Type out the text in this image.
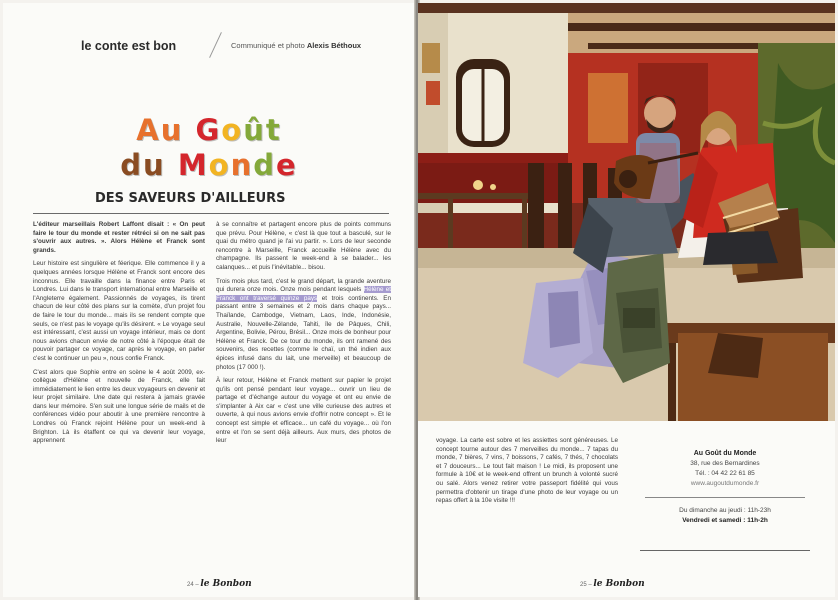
le conte est bon	Communiqué et photo Alexis Béthoux
Au Goût
du Monde
DES SAVEURS D'AILLEURS

L'éditeur marseillais Robert Laffont disait : « On peut faire le tour du monde et rester rétréci si on ne sait pas s'ouvrir aux autres. ». Alors Hélène et Franck sont grands.

Leur histoire est singulière et féerique. Elle commence il y a quelques années lorsque Hélène et Franck sont encore des inconnus. Elle travaille dans la finance entre Paris et Londres. Lui dans le transport international entre Marseille et l'Angleterre également. Passionnés de voyages, ils tirent chacun de leur côté des plans sur la comète, d'un projet fou de faire le tour du monde... mais ils se rendent compte que seuls, ce n'est pas le voyage qu'ils désirent. « Le voyage seul est intéressant, c'est aussi un voyage intérieur, mais ce dont nous avions chacun envie de notre côté à l'époque était de pouvoir partager ce voyage, car après le voyage, en parler c'est le continuer un peu », nous confie Franck.

C'est alors que Sophie entre en scène le 4 août 2009, ex-collègue d'Hélène et nouvelle de Franck, elle fait immédiatement le lien entre les deux voyageurs en devenir et leur projet similaire. Une date qui restera à jamais gravée dans leur mémoire. S'en suit une longue série de mails et de conférences vidéo pour aboutir à une première rencontre à Londres où Franck rejoint Hélène pour un week-end à Brighton. Là ils étaffent ce qui va devenir leur voyage, apprennent

à se connaître et partagent encore plus de points communs que prévu. Pour Hélène, « c'est là que tout a basculé, sur le quai du métro quand je l'ai vu partir. ». Lors de leur seconde rencontre à Marseille, Franck accueille Hélène avec du champagne. Ils passent le week-end à se balader... les calanques... et puis l'inévitable... bisou.

Trois mois plus tard, c'est le grand départ, la grande aventure qui durera onze mois. Onze mois pendant lesquels Hélène et Franck ont traversé quinze pays et trois continents. En passant entre 3 semaines et 2 mois dans chaque pays... Thaïlande, Cambodge, Vietnam, Laos, Inde, Indonésie, Australie, Nouvelle-Zélande, Tahiti, île de Pâques, Chili, Argentine, Bolivie, Pérou, Brésil... Onze mois de bonheur pour Hélène et Franck. De ce tour du monde, ils ont ramené des souvenirs, des recettes (comme le chaï, un thé indien aux épices infusé dans du lait, une merveille) et beaucoup de photos (17 000 !).

À leur retour, Hélène et Franck mettent sur papier le projet qu'ils ont pensé pendant leur voyage... ouvrir un lieu de partage et d'échange autour du voyage et ont eu envie de s'implanter à Aix car « c'est une ville curieuse des autres et ouverte, à qui nous avions envie d'offrir notre concept ». Et le concept est simple et efficace... un café du voyage... où l'on entre et l'on se sent déjà ailleurs. Aux murs, des photos de leur

24 – le Bonbon
voyage. La carte est sobre et les assiettes sont généreuses. Le concept tourne autour des 7 merveilles du monde... 7 tapas du monde, 7 bières, 7 vins, 7 boissons, 7 cafés, 7 thés, 7 chocolats et 7 douceurs... Le tout fait maison ! Le midi, ils proposent une formule à 10€ et le week-end offrent un brunch à volonté sucré ou salé. Alors venez retirer votre passeport fidélité qui vous permettra d'obtenir un tirage d'une photo de leur voyage ou un repas offert à la 10e visite !!!
Au Goût du Monde
38, rue des Bernardines
Tél. : 04 42 22 61 85
www.augoutdumonde.fr
Du dimanche au jeudi : 11h-23h
Vendredi et samedi : 11h-2h
25 – le Bonbon
